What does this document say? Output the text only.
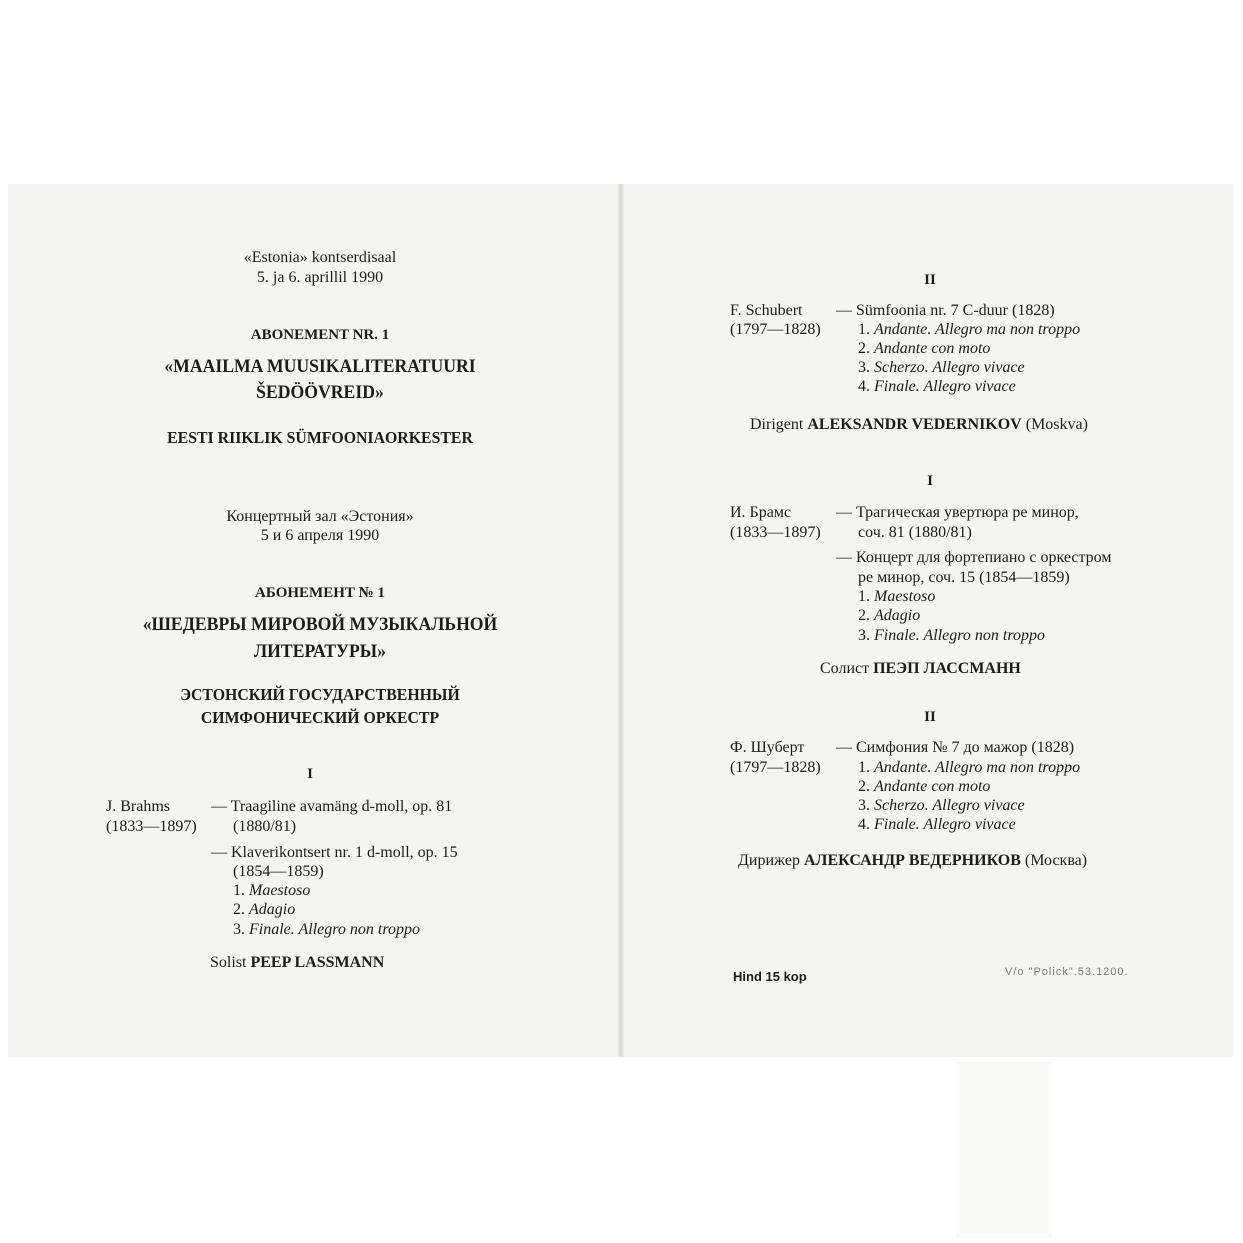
«Estonia» kontserdisaal
5. ja 6. aprillil 1990
ABONEMENT NR. 1
«MAAILMA MUUSIKALITERATUURI
ŠEDÖÖVREID»
EESTI RIIKLIK SÜMFOONIAORKESTER
Концертный зал «Эстония»
5 и 6 апреля 1990
АБОНЕМЕНТ № 1
«ШЕДЕВРЫ МИРОВОЙ МУЗЫКАЛЬНОЙ
ЛИТЕРАТУРЫ»
ЭСТОНСКИЙ ГОСУДАРСТВЕННЫЙ
СИМФОНИЧЕСКИЙ ОРКЕСТР
I
J. Brahms
(1833—1897)
— Traagiline avamäng d-moll, op. 81
(1880/81)
— Klaverikontsert nr. 1 d-moll, op. 15
(1854—1859)
1. Maestoso
2. Adagio
3. Finale. Allegro non troppo
Solist PEEP LASSMANN
II
F. Schubert
(1797—1828)
— Sümfoonia nr. 7 C-duur (1828)
1. Andante. Allegro ma non troppo
2. Andante con moto
3. Scherzo. Allegro vivace
4. Finale. Allegro vivace
Dirigent ALEKSANDR VEDERNIKOV (Moskva)
I
И. Брамс
(1833—1897)
— Трагическая увертюра ре минор,
соч. 81 (1880/81)
— Концерт для фортепиано с оркестром
ре минор, соч. 15 (1854—1859)
1. Maestoso
2. Adagio
3. Finale. Allegro non troppo
Солист ПЕЭП ЛАССМАНН
II
Ф. Шуберт
(1797—1828)
— Симфония № 7 до мажор (1828)
1. Andante. Allegro ma non troppo
2. Andante con moto
3. Scherzo. Allegro vivace
4. Finale. Allegro vivace
Дирижер АЛЕКСАНДР ВЕДЕРНИКОВ (Москва)
Hind 15 kop	V/o "Polick".53.1200.
